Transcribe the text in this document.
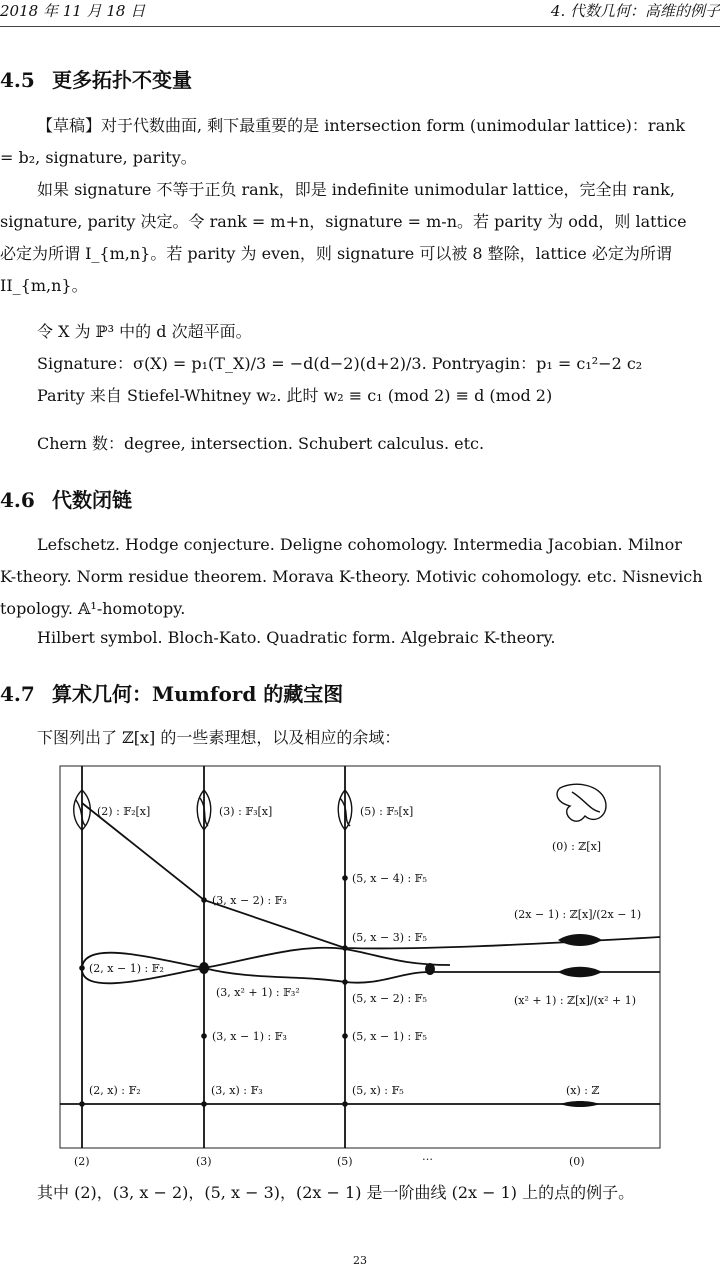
2018 年 11 月 18 日	4. 代数几何：高维的例子
4.5 更多拓扑不变量

【草稿】对于代数曲面, 剩下最重要的是 intersection form (unimodular lattice)：rank

= b₂, signature, parity。

如果 signature 不等于正负 rank，即是 indefinite unimodular lattice，完全由 rank,

signature, parity 决定。令 rank = m+n，signature = m-n。若 parity 为 odd，则 lattice

必定为所谓 I_{m,n}。若 parity 为 even，则 signature 可以被 8 整除，lattice 必定为所谓

II_{m,n}。

令 X 为 ℙ³ 中的 d 次超平面。

Signature：σ(X) = p₁(T_X)/3 = −d(d−2)(d+2)/3. Pontryagin：p₁ = c₁²−2 c₂

Parity 来自 Stiefel-Whitney w₂. 此时 w₂ ≡ c₁ (mod 2) ≡ d (mod 2)

Chern 数：degree, intersection. Schubert calculus. etc.

4.6 代数闭链

Lefschetz. Hodge conjecture. Deligne cohomology. Intermedia Jacobian. Milnor

K-theory. Norm residue theorem. Morava K-theory. Motivic cohomology. etc. Nisnevich

topology. 𝔸¹-homotopy.

Hilbert symbol. Bloch-Kato. Quadratic form. Algebraic K-theory.

4.7 算术几何：Mumford 的藏宝图

下图列出了 ℤ[x] 的一些素理想，以及相应的余域：

(2) : 𝔽₂[x]	(3) : 𝔽₃[x]	(5) : 𝔽₅[x]
(0) : ℤ[x]
(5, x − 4) : 𝔽₅
(3, x − 2) : 𝔽₃
(5, x − 3) : 𝔽₅
(2x − 1) : ℤ[x]/(2x − 1)
(2, x − 1) : 𝔽₂
(3, x² + 1) : 𝔽₃²	(5, x − 2) : 𝔽₅	(x² + 1) : ℤ[x]/(x² + 1)
(3, x − 1) : 𝔽₃	(5, x − 1) : 𝔽₅
(2, x) : 𝔽₂	(3, x) : 𝔽₃	(5, x) : 𝔽₅	(x) : ℤ
(2)	(3)	(5)	…	(0)

其中 (2)，(3, x − 2)，(5, x − 3)，(2x − 1) 是一阶曲线 (2x − 1) 上的点的例子。

23
